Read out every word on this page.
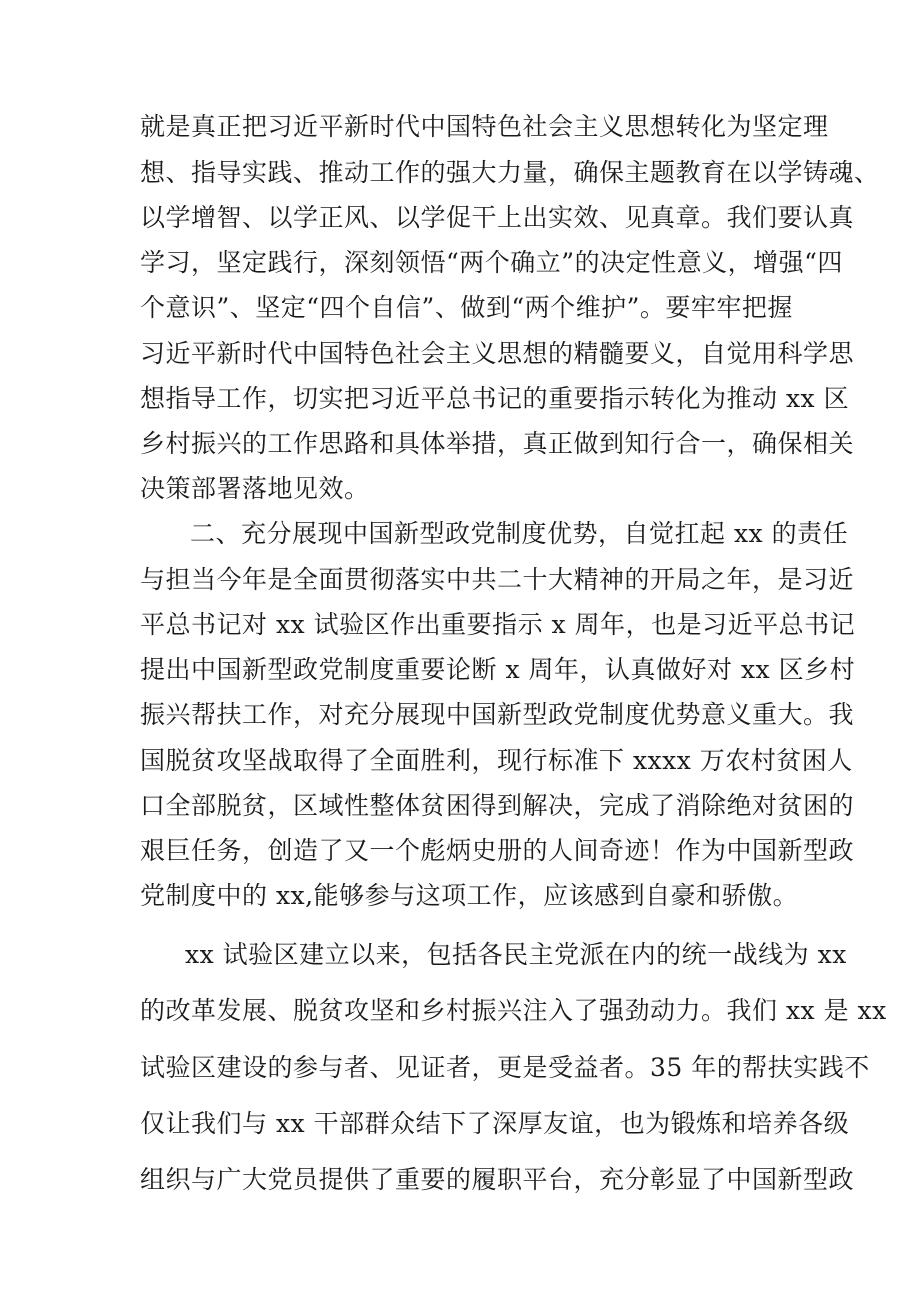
就是真正把习近平新时代中国特色社会主义思想转化为坚定理
想、指导实践、推动工作的强大力量，确保主题教育在以学铸魂、
以学增智、以学正风、以学促干上出实效、见真章。我们要认真
学习，坚定践行，深刻领悟“两个确立”的决定性意义，增强“四
个意识”、坚定“四个自信”、做到“两个维护”。要牢牢把握
习近平新时代中国特色社会主义思想的精髓要义，自觉用科学思
想指导工作，切实把习近平总书记的重要指示转化为推动 xx 区
乡村振兴的工作思路和具体举措，真正做到知行合一，确保相关
决策部署落地见效。
二、充分展现中国新型政党制度优势，自觉扛起 xx 的责任
与担当今年是全面贯彻落实中共二十大精神的开局之年，是习近
平总书记对 xx 试验区作出重要指示 x 周年，也是习近平总书记
提出中国新型政党制度重要论断 x 周年，认真做好对 xx 区乡村
振兴帮扶工作，对充分展现中国新型政党制度优势意义重大。我
国脱贫攻坚战取得了全面胜利，现行标准下 xxxx 万农村贫困人
口全部脱贫，区域性整体贫困得到解决，完成了消除绝对贫困的
艰巨任务，创造了又一个彪炳史册的人间奇迹！作为中国新型政
党制度中的 xx,能够参与这项工作，应该感到自豪和骄傲。
xx 试验区建立以来，包括各民主党派在内的统一战线为 xx
的改革发展、脱贫攻坚和乡村振兴注入了强劲动力。我们 xx 是 xx
试验区建设的参与者、见证者，更是受益者。35 年的帮扶实践不
仅让我们与 xx 干部群众结下了深厚友谊，也为锻炼和培养各级
组织与广大党员提供了重要的履职平台，充分彰显了中国新型政
